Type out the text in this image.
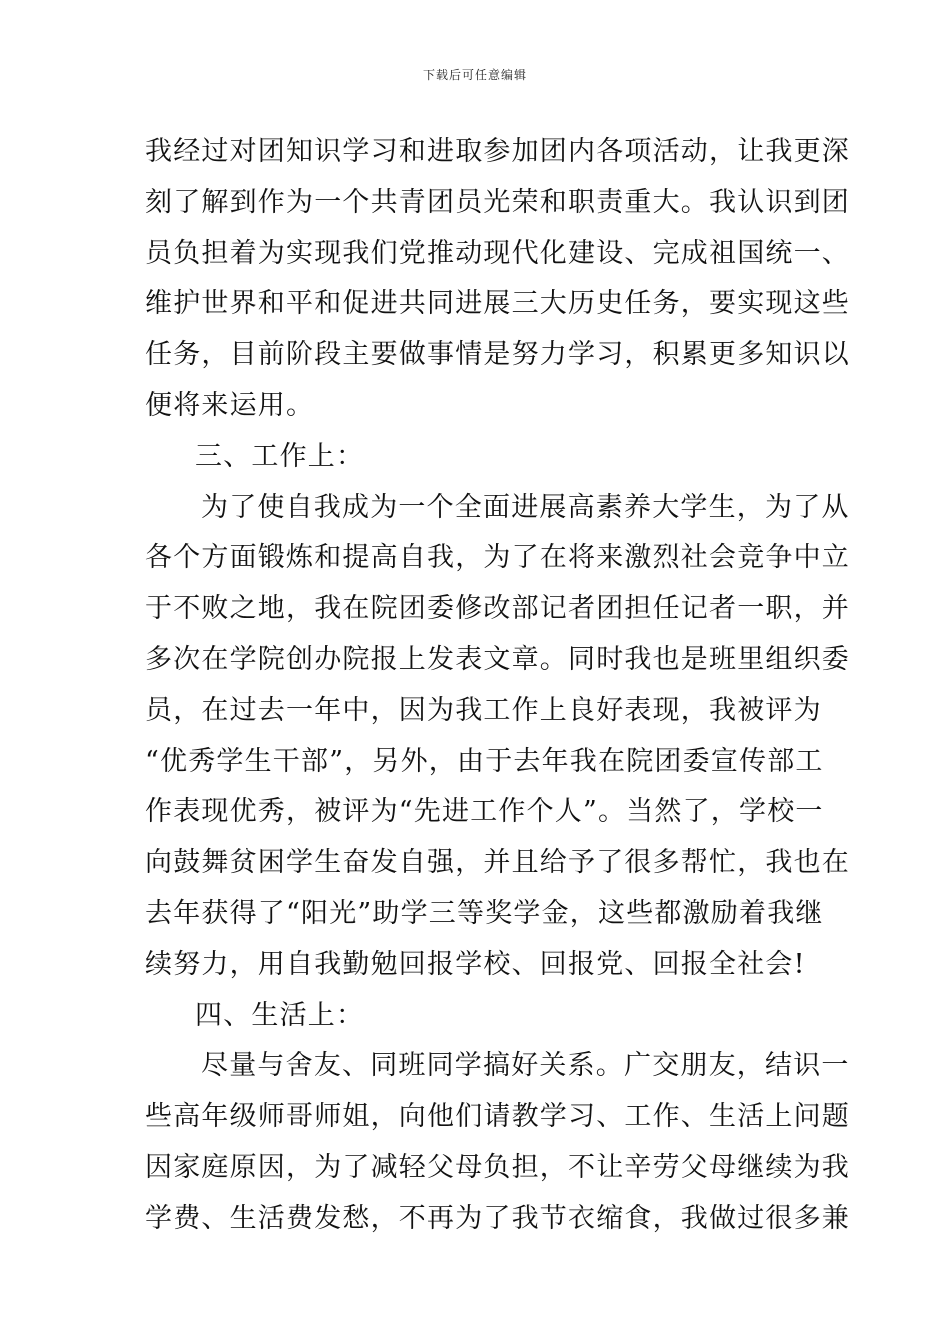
下载后可任意编辑
我经过对团知识学习和进取参加团内各项活动，让我更深
刻了解到作为一个共青团员光荣和职责重大。我认识到团
员负担着为实现我们党推动现代化建设、完成祖国统一、
维护世界和平和促进共同进展三大历史任务，要实现这些
任务，目前阶段主要做事情是努力学习，积累更多知识以
便将来运用。
三、工作上：
为了使自我成为一个全面进展高素养大学生，为了从
各个方面锻炼和提高自我，为了在将来激烈社会竞争中立
于不败之地，我在院团委修改部记者团担任记者一职，并
多次在学院创办院报上发表文章。同时我也是班里组织委
员，在过去一年中，因为我工作上良好表现，我被评为
“优秀学生干部”，另外，由于去年我在院团委宣传部工
作表现优秀，被评为“先进工作个人”。当然了，学校一
向鼓舞贫困学生奋发自强，并且给予了很多帮忙，我也在
去年获得了“阳光”助学三等奖学金，这些都激励着我继
续努力，用自我勤勉回报学校、回报党、回报全社会!
四、生活上：
尽量与舍友、同班同学搞好关系。广交朋友，结识一
些高年级师哥师姐，向他们请教学习、工作、生活上问题
因家庭原因，为了减轻父母负担，不让辛劳父母继续为我
学费、生活费发愁，不再为了我节衣缩食，我做过很多兼
